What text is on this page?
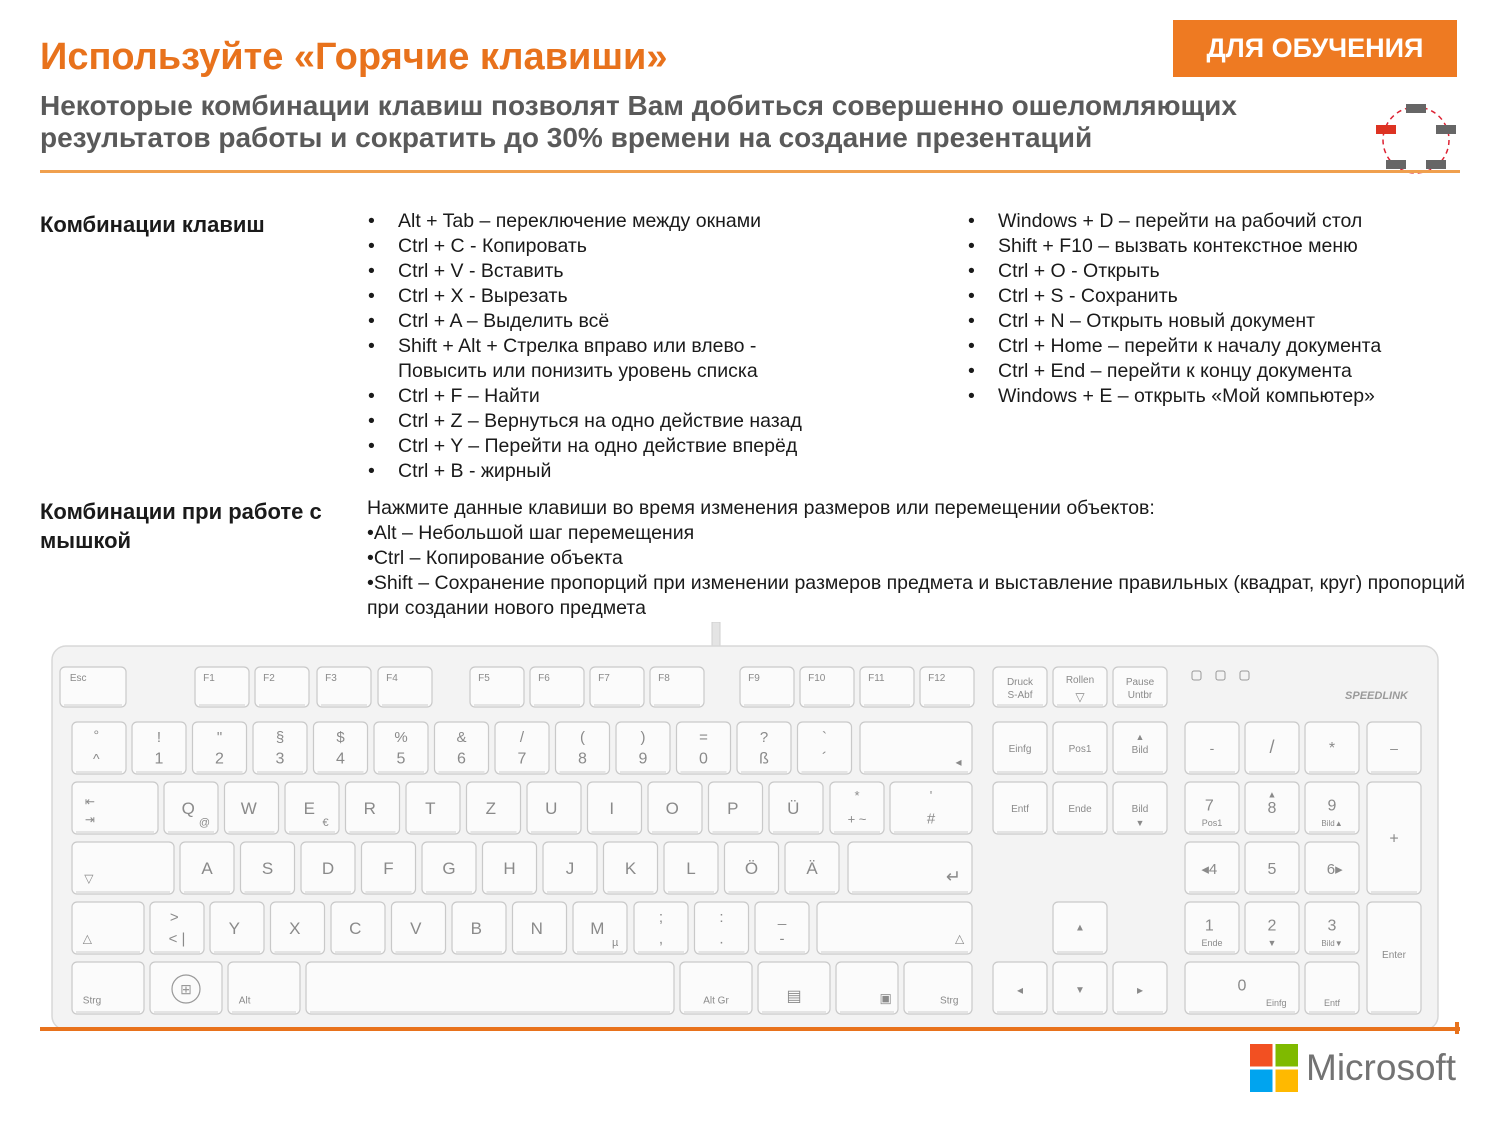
Используйте «Горячие клавиши»	ДЛЯ ОБУЧЕНИЯ

Некоторые комбинации клавиш позволят Вам добиться совершенно ошеломляющих результатов работы и сократить до 30% времени на создание презентаций

Комбинации клавиш
•	Alt + Tab – переключение между окнами
• Ctrl + C - Копировать
• Ctrl + V - Вставить
• Ctrl + X - Вырезать
• Ctrl + A – Выделить всё
• Shift + Alt + Стрелка вправо или влево - Повысить или понизить уровень списка
• Ctrl + F – Найти
• Ctrl + Z – Вернуться на одно действие назад
• Ctrl + Y – Перейти на одно действие вперёд
• Ctrl + B - жирный
• Windows + D – перейти на рабочий стол
• Shift + F10 – вызвать контекстное меню
• Ctrl + O - Открыть
• Ctrl + S - Сохранить
• Ctrl + N – Открыть новый документ
• Ctrl + Home – перейти к началу документа
• Ctrl + End – перейти к концу документа
• Windows + E – открыть «Мой компьютер»
Комбинации при работе с мышкой
Нажмите данные клавиши во время изменения размеров или перемещении объектов:
•Alt – Небольшой шаг перемещения
•Ctrl – Копирование объекта
•Shift – Сохранение пропорций при изменении размеров предмета и выставление правильных (квадрат, круг) пропорций при создании нового предмета
Esc	F1	F2	F3	F4	F5	F6	F7	F8	F9	F10	F11	F12	Druck
S-Abf
Rollen
▽
Pause
Untbr	SPEEDLINK
°
^
!
1
"
2
§
3
$
4
%
5
&
6
/
7
(
8
)
9
=
0
?
ß
`
´	◂
Einfg	Pos1
▲
Bild	-	/	*	–
⇤
⇥
Q
@
W	E
€
R	T	Z	U	I	O	P	Ü
*
+ ~
'
#
Entf	Ende	Bild
▼
7
Pos1
▲
8	9
Bild▲
+
▽
A	S	D	F	G	H	J	K	L	Ö	Ä	↵	◂4	5	6▸
△
>
< |
Y	X	C	V	B	N	M
µ
;
,
:
.
_
-	△
▲	1
Ende
2
▼
3
Bild▼
Enter
Strg
⊞
Alt	Alt Gr	▤	▣	Strg
◂	▼	▸	0
Einfg	Entf
Microsoft
